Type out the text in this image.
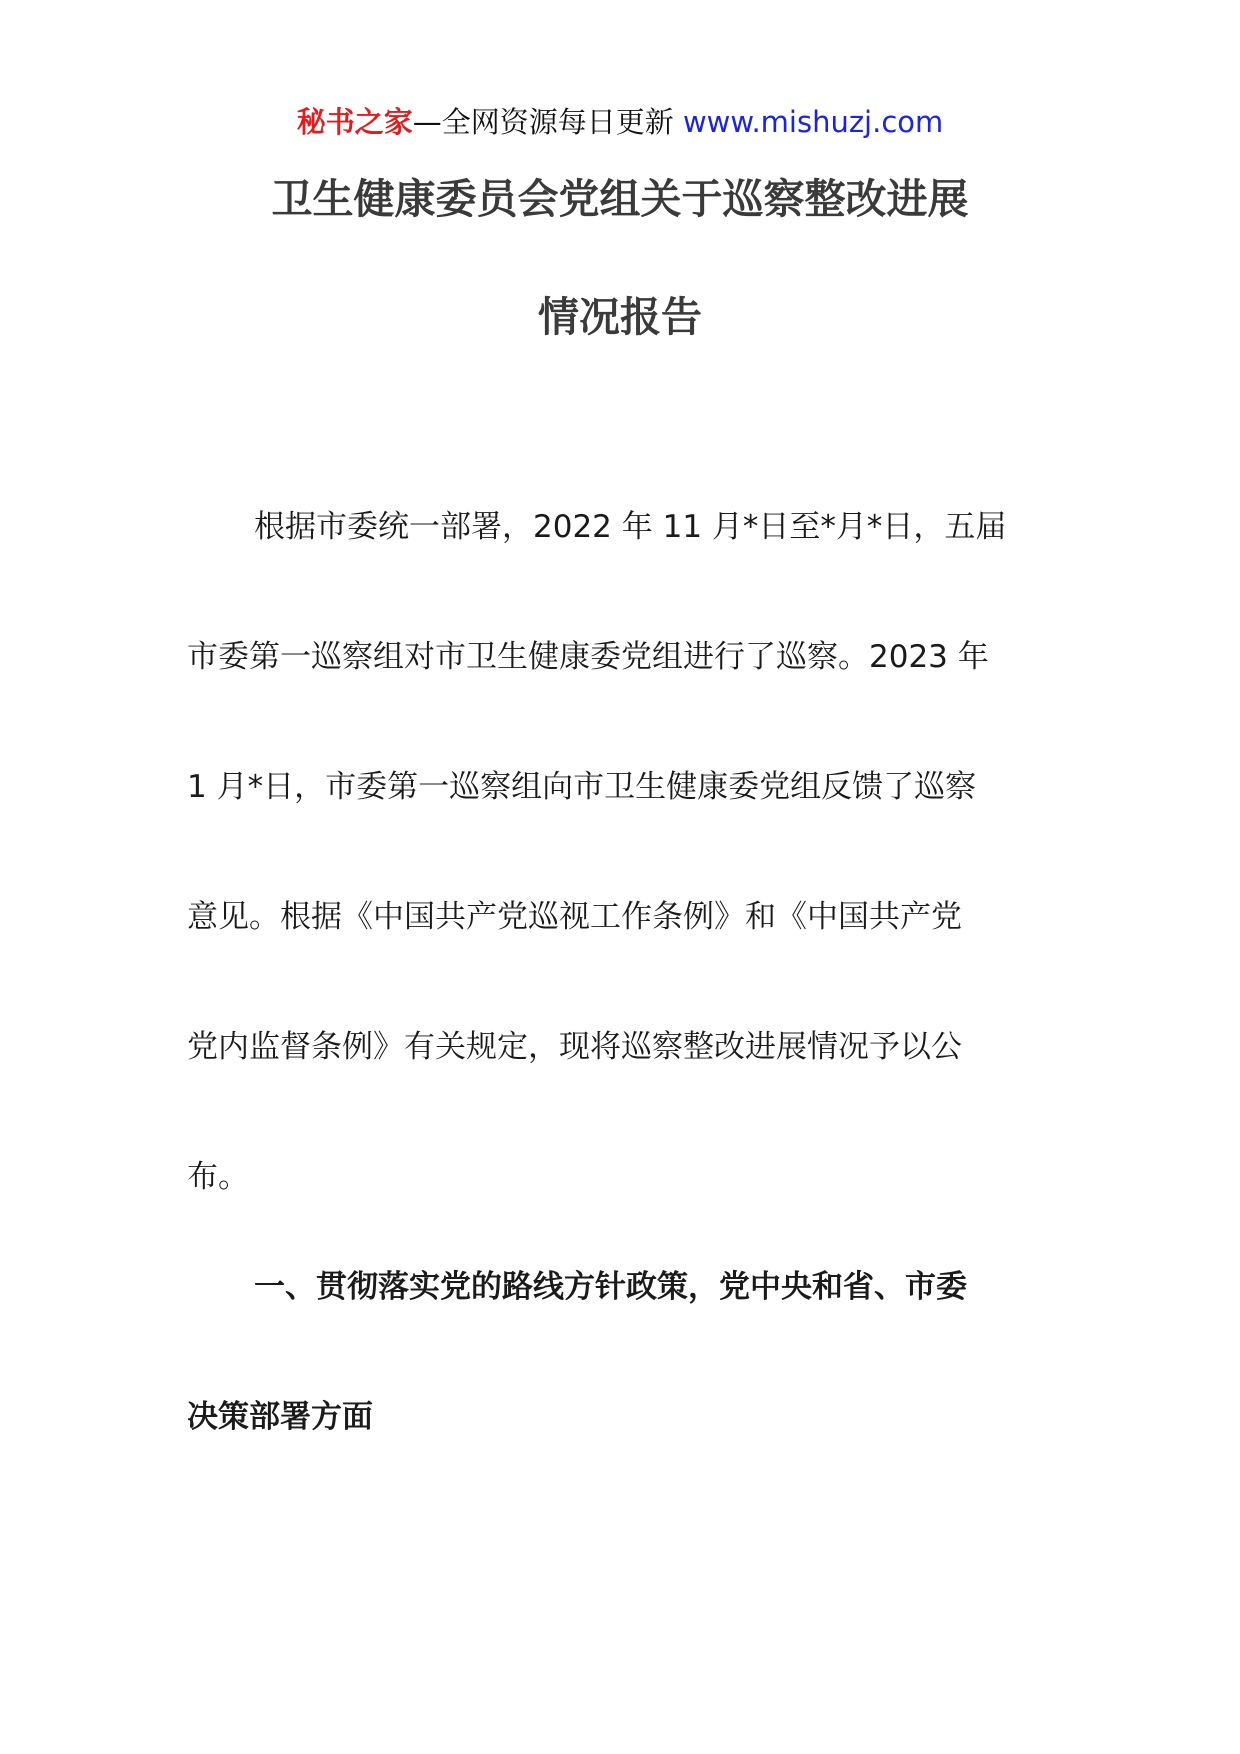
秘书之家—全网资源每日更新 www.mishuzj.com
卫生健康委员会党组关于巡察整改进展
情况报告
根据市委统一部署，2022 年 11 月*日至*月*日，五届
市委第一巡察组对市卫生健康委党组进行了巡察。2023 年
1 月*日，市委第一巡察组向市卫生健康委党组反馈了巡察
意见。根据《中国共产党巡视工作条例》和《中国共产党
党内监督条例》有关规定，现将巡察整改进展情况予以公
布。
一、贯彻落实党的路线方针政策，党中央和省、市委
决策部署方面
